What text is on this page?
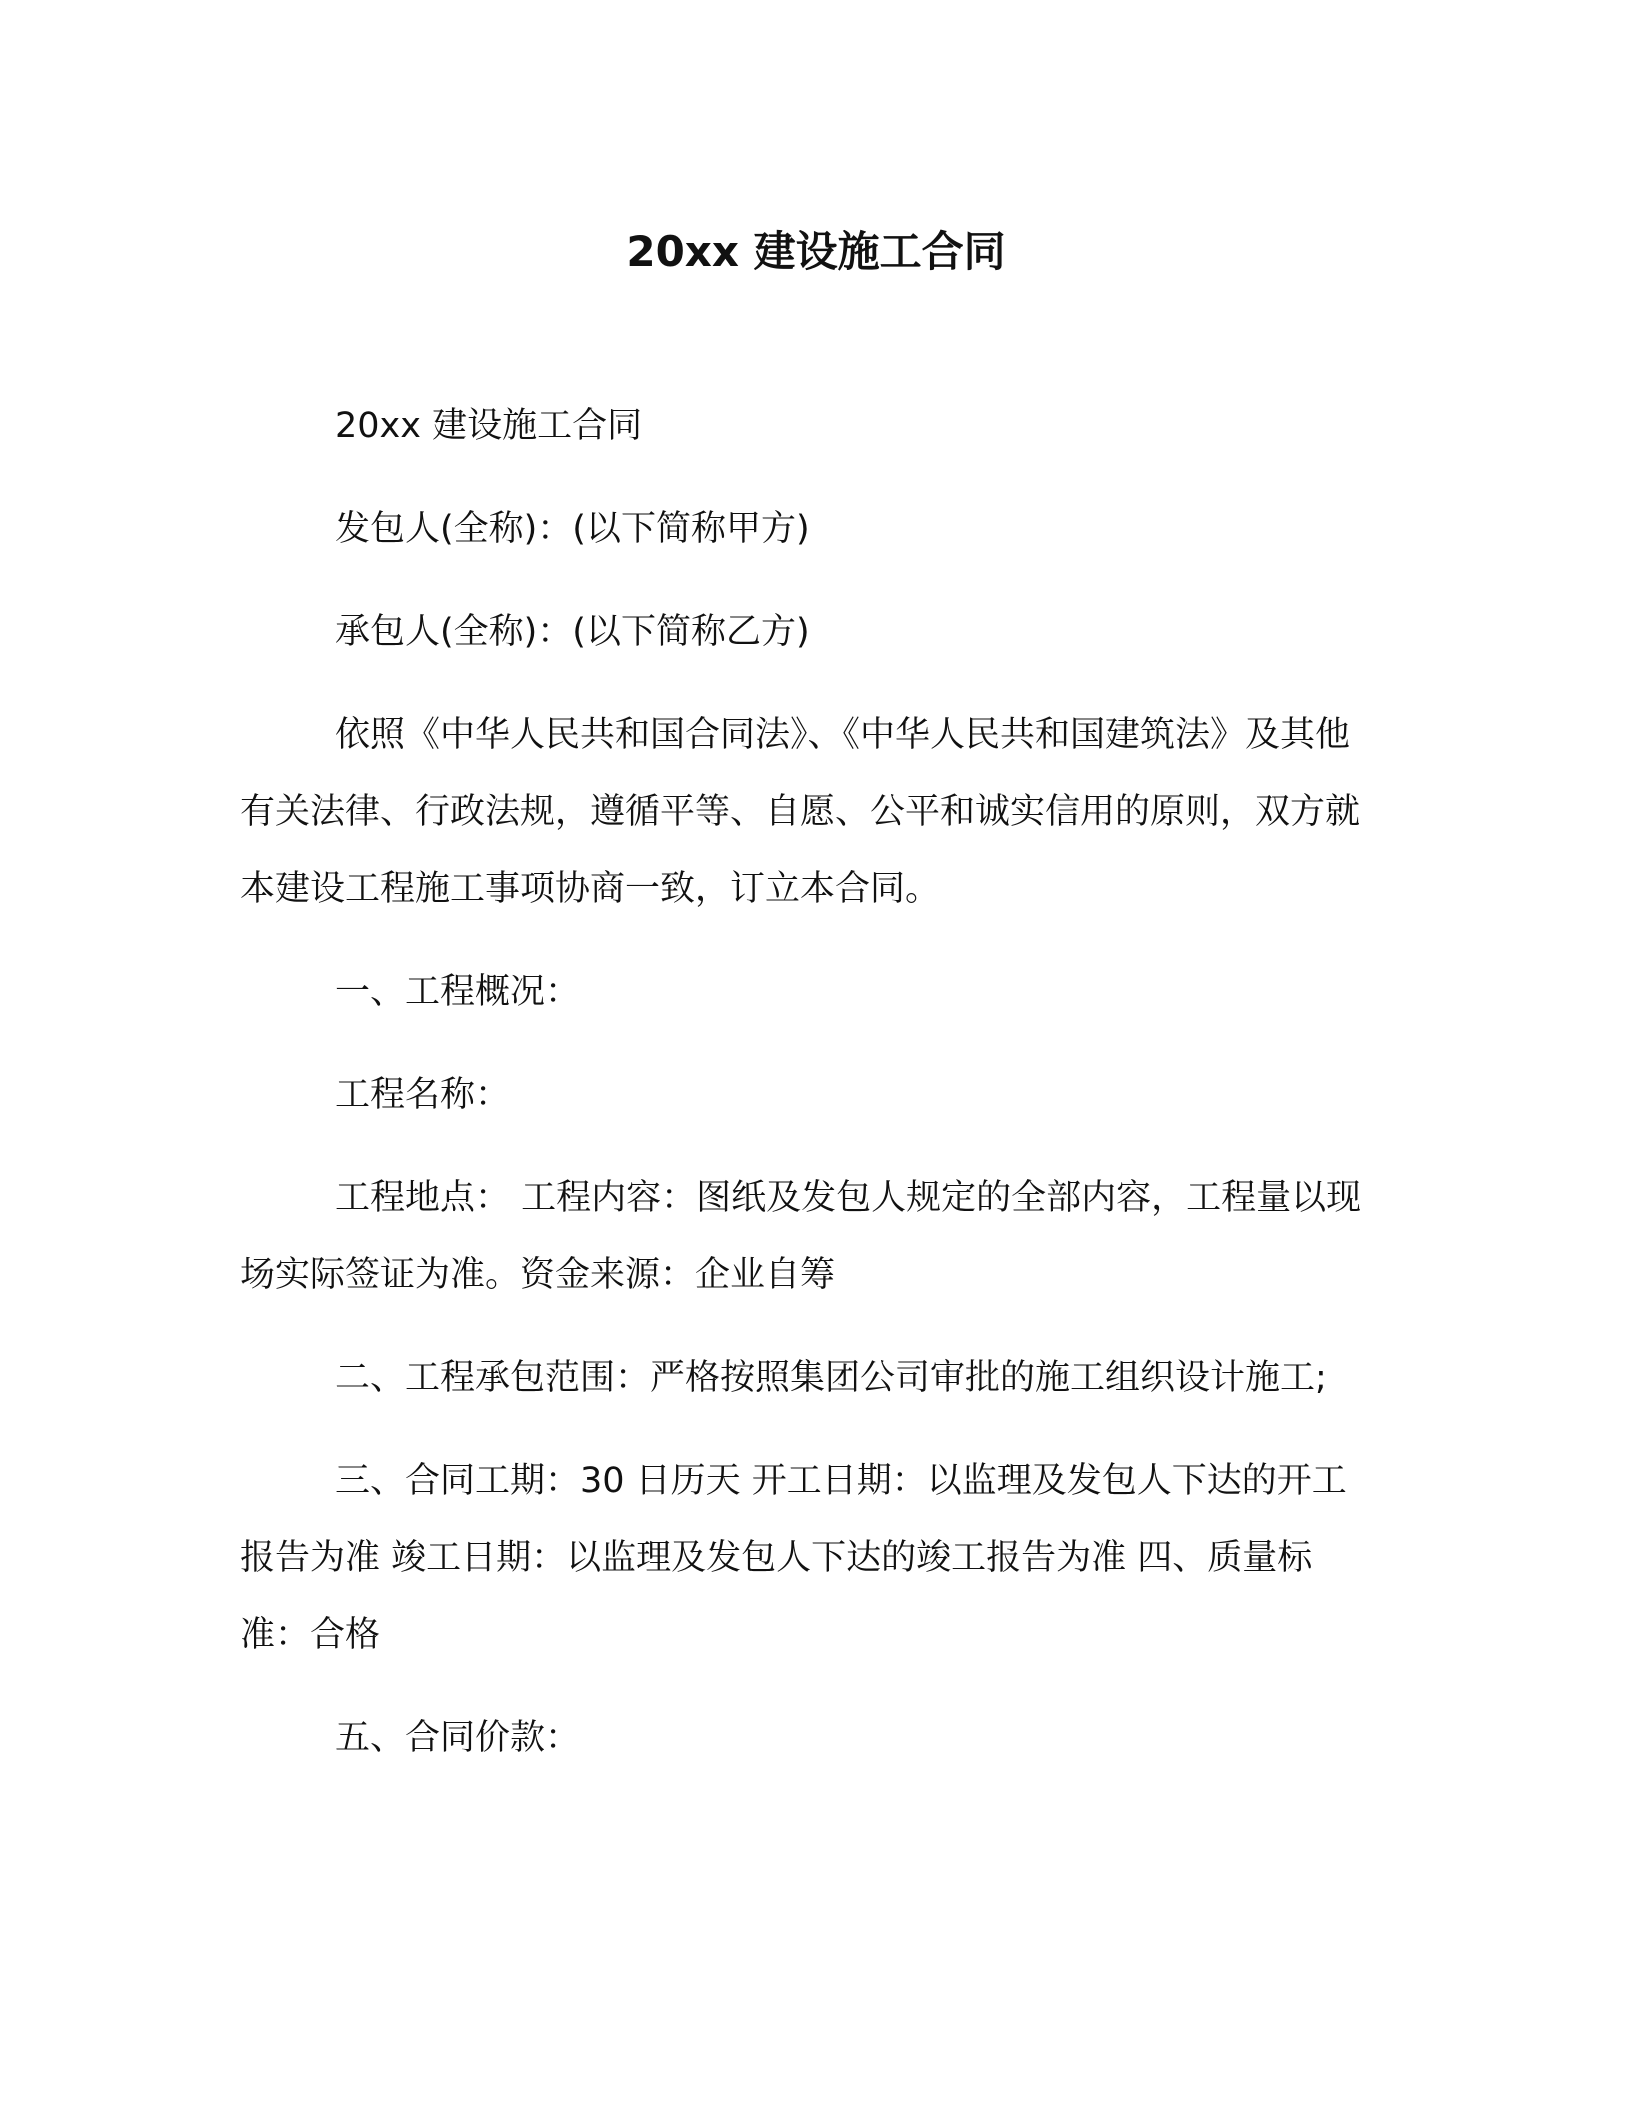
20xx 建设施工合同

20xx 建设施工合同

发包人(全称)：(以下简称甲方)

承包人(全称)：(以下简称乙方)

依照《中华人民共和国合同法》、《中华人民共和国建筑法》及其他有关法律、行政法规，遵循平等、自愿、公平和诚实信用的原则，双方就本建设工程施工事项协商一致，订立本合同。

一、工程概况：

工程名称：

工程地点： 工程内容：图纸及发包人规定的全部内容，工程量以现场实际签证为准。资金来源：企业自筹

二、工程承包范围：严格按照集团公司审批的施工组织设计施工;

三、合同工期：30 日历天 开工日期：以监理及发包人下达的开工报告为准 竣工日期：以监理及发包人下达的竣工报告为准 四、质量标准：合格

五、合同价款：
